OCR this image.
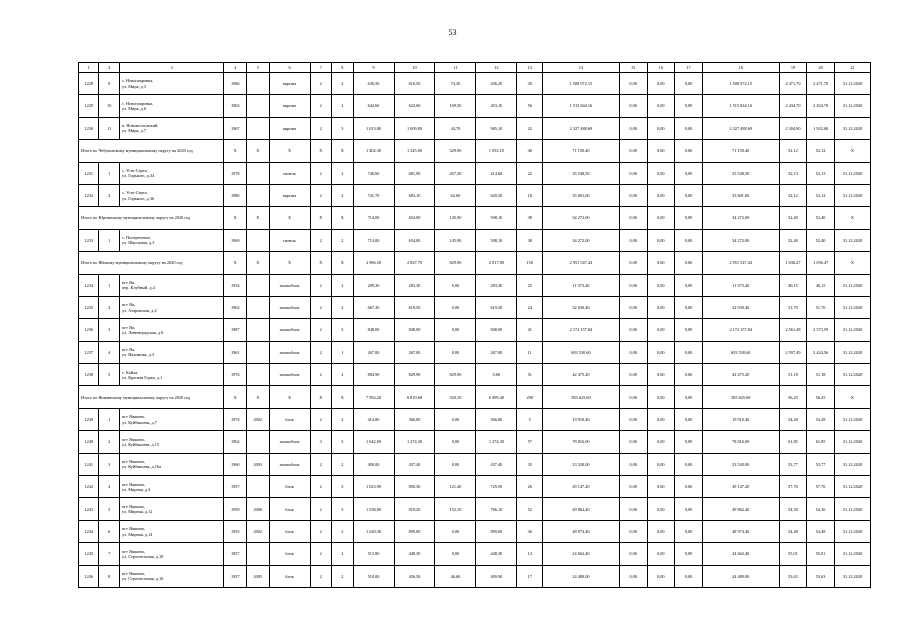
53
1	2	3	4	5	6	7	8	9	10	11	12	13	14	15	16	17	18	19	20	21
1228	9	с. Новопокровка,
ул. Мира, д.3	1966		кирпич	2	2	630,50	610,50	74,30	436,20	30	1 508 972,15	0,00	0,00	0,00	1 508 972,15	2 471,70	2 471,70	31.12.2020
1229	10	с. Новопокровка,
ул. Мира, д.6	1963		кирпич	2	2	642,60	622,60	169,50	453,10	56	1 515 844,16	0,00	0,00	0,00	1 515 844,16	2 434,70	2 434,70	31.12.2020
1230	11	п. Новомостовский,
ул. Мира, д.7	1967		кирпич	2	3	1 013,80	1 009,80	44,70	965,10	22	2 327 488,69	0,00	0,00	0,00	2 327 488,69	2 304,90	1 922,68	31.12.2020
Итого по Чебулинскому муниципальному округу на 2020 год			Х	Х	Х	Х	Х	1 402,30	1 345,00	329,90	1 033,10	40	71 150,40	0,00	0,00	0,00	71 150,40	52,12	52,12	Х
1231	1	с. Усть-Серта,
ул. Горького, д.34	1978		панель	2	2	740,60	681,90	267,30	414,60	22	35 548,50	0,00	0,00	0,00	35 548,50	52,13	52,13	31.12.2020
1232	2	с. Усть-Серта,
ул. Горького, д.36	1980		кирпич	2	2	741,70	683,10	62,60	620,50	18	35 601,60	0,00	0,00	0,00	35 601,60	52,12	52,12	31.12.2020
Итого по Юргинскому муниципальному округу на 2020 год			Х	Х	Х	Х	Х	714,00	654,00	145,90	508,10	38	34 272,00	0,00	0,00	0,00	34 272,00	52,40	52,40	Х
1233	1	с. Попереченое,
ул. Школьная, д.3	1969		панель	2	2	714,00	654,00	145,90	508,10	38	34 272,00	0,00	0,00	0,00	34 272,00	52,40	52,40	31.12.2020
Итого по Яйскому муниципальному округу на 2020 год			Х	Х	Х	Х	Х	2 966,50	2 847,70	829,90	2 017,80	150	2 951 547,44	0,00	0,00	0,00	2 951 547,44	1 036,47	1 036,47	Х
1234	1	пгт Яя,
пер. Клубный, д.4	1954		шлакоблок	2	2	299,30	283,30	0,00	283,30	25	11 373,40	0,00	0,00	0,00	11 373,40	40,15	40,15	31.12.2020
1235	2	пгт Яя,
ул. Азаровская, д.2	1962		шлакоблок	2	2	667,30	619,50	0,00	619,50	24	32 030,40	0,00	0,00	0,00	32 030,40	51,70	51,70	31.12.2020
1236	3	пгт Яя,
ул. Ленинградская, д.6	1987		шлакоблок	2	3	848,00	848,00	0,00	848,00	41	2 172 157,84	0,00	0,00	0,00	2 172 157,84	2 561,48	2 573,59	31.12.2020
1237	4	пгт Яя,
ул. Нахимова, д.3	1961		шлакоблок	2	1	267,00	267,00	0,00	267,00	11	693 530,60	0,00	0,00	0,00	693 530,60	2 597,49	2 424,56	31.12.2020
1238	5	с. Кайла,
ул. Красная Горка, д.1	1976		шлакоблок	2	2	884,90	829,90	829,90	0,00	51	42 475,20	0,00	0,00	0,00	42 475,20	51,18	51,18	31.12.2020
Итого по Яшкинскому муниципальному округу на 2020 год			Х	Х	Х	Х	Х	7 992,20	6 819,60	320,10	6 499,40	290	383 625,60	0,00	0,00	0,00	383 625,60	56,25	56,25	Х
1239	1	пгт Яшкино,
ул. Куйбышева, д.7	1974	2002	блок	2	2	414,80	366,80	0,00	366,80	5	19 910,40	0,00	0,00	0,00	19 910,40	54,28	54,28	31.12.2020
1240	2	пгт Яшкино,
ул. Куйбышева, д.15	1962		шлакоблок	3	3	1 642,00	1 274,30	0,00	1 274,30	57	78 816,00	0,00	0,00	0,00	78 816,00	61,85	61,85	31.12.2020
1241	3	пгт Яшкино,
ул. Куйбышева, д.16а	1960	2003	шлакоблок	2	2	490,00	437,40	0,00	437,40	35	23 520,00	0,00	0,00	0,00	23 520,00	53,77	53,77	31.12.2020
1242	4	пгт Яшкино,
ул. Мирная, д.4	1957		блок	2	3	1 023,90	850,30	121,40	729,50	26	49 147,20	0,00	0,00	0,00	49 147,20	57,76	57,76	31.12.2020
1243	5	пгт Яшкино,
ул. Мирная, д.12	1959	2006	блок	2	3	1 038,80	918,20	152,10	766,10	52	49 862,40	0,00	0,00	0,00	49 862,40	54,30	54,30	31.12.2020
1244	6	пгт Яшкино,
ул. Мирная, д.14	1955	2002	блок	2	3	1 020,30	899,00	0,00	899,00	36	48 974,40	0,00	0,00	0,00	48 974,40	54,48	54,48	31.12.2020
1245	7	пгт Яшкино,
ул. Строительная, д.10	1957		блок	2	2	513,80	448,30	0,00	448,30	14	24 662,40	0,00	0,00	0,00	24 662,40	55,01	55,01	31.12.2020
1246	8	пгт Яшкино,
ул. Строительная, д.16	1957	2005	блок	2	2	510,00	456,50	46,60	409,90	17	24 480,00	0,00	0,00	0,00	24 480,00	53,63	53,63	31.12.2020
